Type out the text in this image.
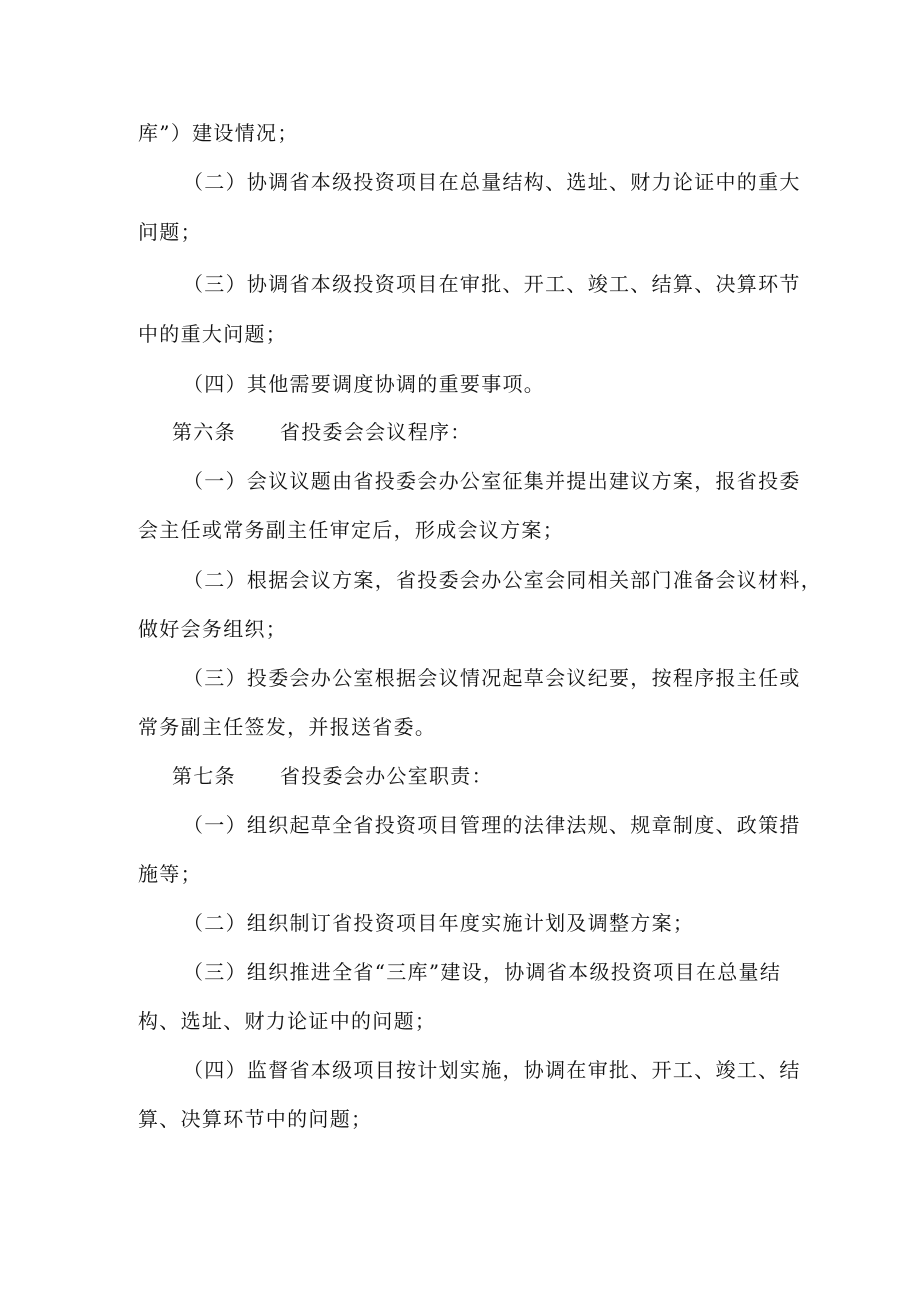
库”）建设情况；
（二）协调省本级投资项目在总量结构、选址、财力论证中的重大
问题；
（三）协调省本级投资项目在审批、开工、竣工、结算、决算环节
中的重大问题；
（四）其他需要调度协调的重要事项。
第六条 省投委会会议程序：
（一）会议议题由省投委会办公室征集并提出建议方案，报省投委
会主任或常务副主任审定后，形成会议方案；
（二）根据会议方案，省投委会办公室会同相关部门准备会议材料，
做好会务组织；
（三）投委会办公室根据会议情况起草会议纪要，按程序报主任或
常务副主任签发，并报送省委。
第七条 省投委会办公室职责：
（一）组织起草全省投资项目管理的法律法规、规章制度、政策措
施等；
（二）组织制订省投资项目年度实施计划及调整方案；
（三）组织推进全省“三库”建设，协调省本级投资项目在总量结
构、选址、财力论证中的问题；
（四）监督省本级项目按计划实施，协调在审批、开工、竣工、结
算、决算环节中的问题；
